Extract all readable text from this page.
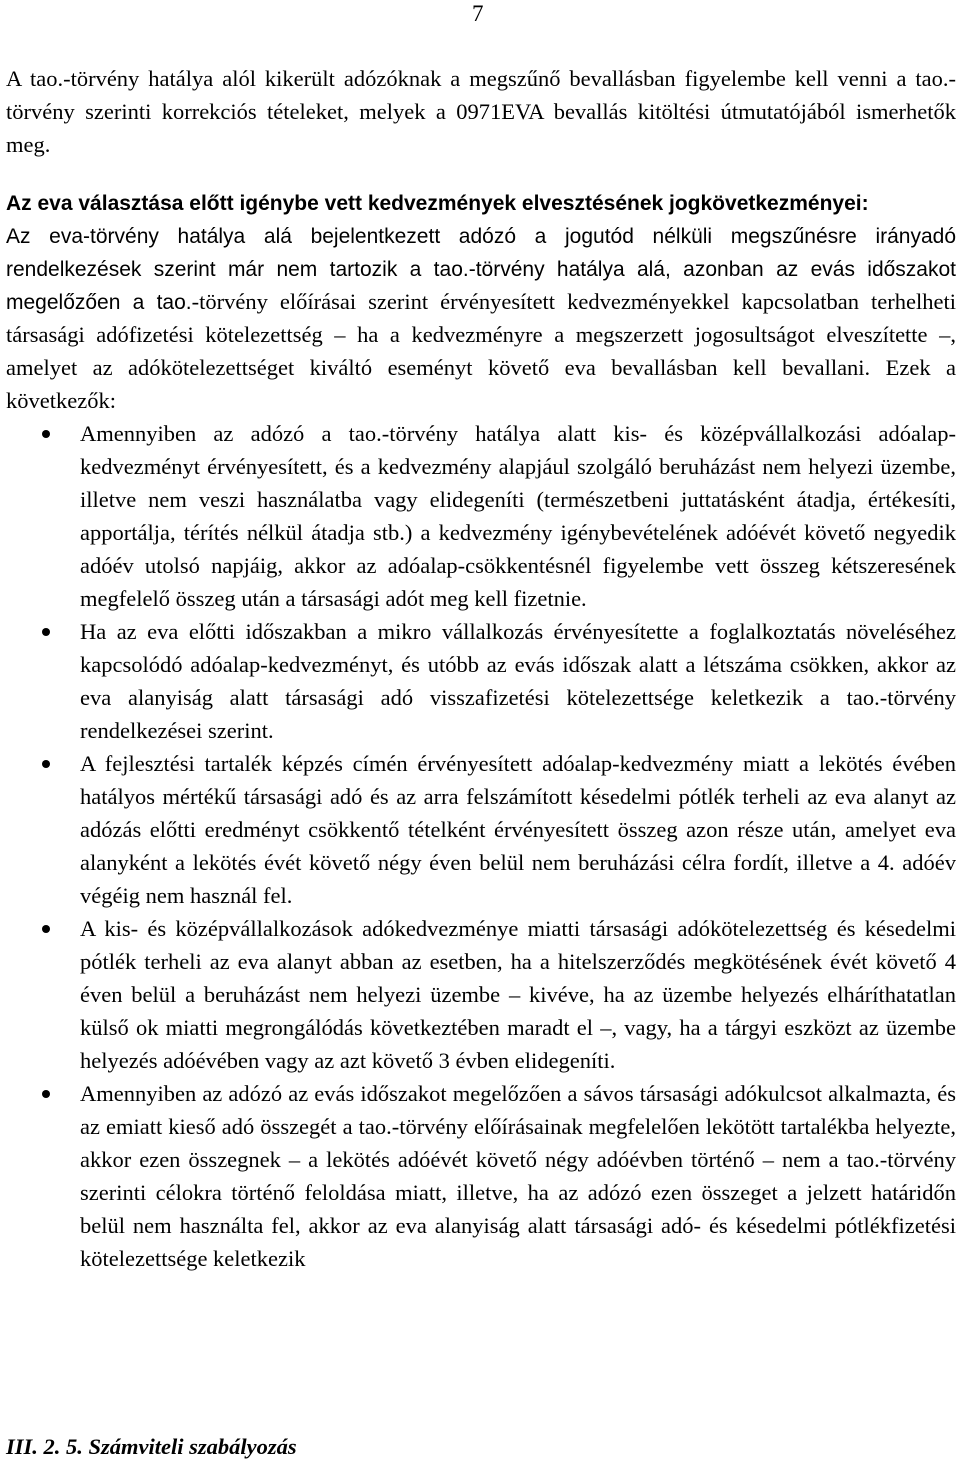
7

A tao.-törvény hatálya alól kikerült adózóknak a megszűnő bevallásban figyelembe kell venni a tao.-törvény szerinti korrekciós tételeket, melyek a 0971EVA bevallás kitöltési útmutatójából ismerhetők meg.

Az eva választása előtt igénybe vett kedvezmények elvesztésének jogkövetkezményei:

Az eva-törvény hatálya alá bejelentkezett adózó a jogutód nélküli megszűnésre irányadó rendelkezések szerint már nem tartozik a tao.-törvény hatálya alá, azonban az evás időszakot megelőzően a tao.-törvény előírásai szerint érvényesített kedvezményekkel kapcsolatban terhelheti társasági adófizetési kötelezettség – ha a kedvezményre a megszerzett jogosultságot elveszítette –, amelyet az adókötelezettséget kiváltó eseményt követő eva bevallásban kell bevallani. Ezek a következők:

Amennyiben az adózó a tao.-törvény hatálya alatt kis- és középvállalkozási adóalap-kedvezményt érvényesített, és a kedvezmény alapjául szolgáló beruházást nem helyezi üzembe, illetve nem veszi használatba vagy elidegeníti (természetbeni juttatásként átadja, értékesíti, apportálja, térítés nélkül átadja stb.) a kedvezmény igénybevételének adóévét követő negyedik adóév utolsó napjáig, akkor az adóalap-csökkentésnél figyelembe vett összeg kétszeresének megfelelő összeg után a társasági adót meg kell fizetnie.
Ha az eva előtti időszakban a mikro vállalkozás érvényesítette a foglalkoztatás növeléséhez kapcsolódó adóalap-kedvezményt, és utóbb az evás időszak alatt a létszáma csökken, akkor az eva alanyiság alatt társasági adó visszafizetési kötelezettsége keletkezik a tao.-törvény rendelkezései szerint.
A fejlesztési tartalék képzés címén érvényesített adóalap-kedvezmény miatt a lekötés évében hatályos mértékű társasági adó és az arra felszámított késedelmi pótlék terheli az eva alanyt az adózás előtti eredményt csökkentő tételként érvényesített összeg azon része után, amelyet eva alanyként a lekötés évét követő négy éven belül nem beruházási célra fordít, illetve a 4. adóév végéig nem használ fel.
A kis- és középvállalkozások adókedvezménye miatti társasági adókötelezettség és késedelmi pótlék terheli az eva alanyt abban az esetben, ha a hitelszerződés megkötésének évét követő 4 éven belül a beruházást nem helyezi üzembe – kivéve, ha az üzembe helyezés elháríthatatlan külső ok miatti megrongálódás következtében maradt el –, vagy, ha a tárgyi eszközt az üzembe helyezés adóévében vagy az azt követő 3 évben elidegeníti.
Amennyiben az adózó az evás időszakot megelőzően a sávos társasági adókulcsot alkalmazta, és az emiatt kieső adó összegét a tao.-törvény előírásainak megfelelően lekötött tartalékba helyezte, akkor ezen összegnek – a lekötés adóévét követő négy adóévben történő – nem a tao.-törvény szerinti célokra történő feloldása miatt, illetve, ha az adózó ezen összeget a jelzett határidőn belül nem használta fel, akkor az eva alanyiság alatt társasági adó- és késedelmi pótlékfizetési kötelezettsége keletkezik
III. 2. 5. Számviteli szabályozás
